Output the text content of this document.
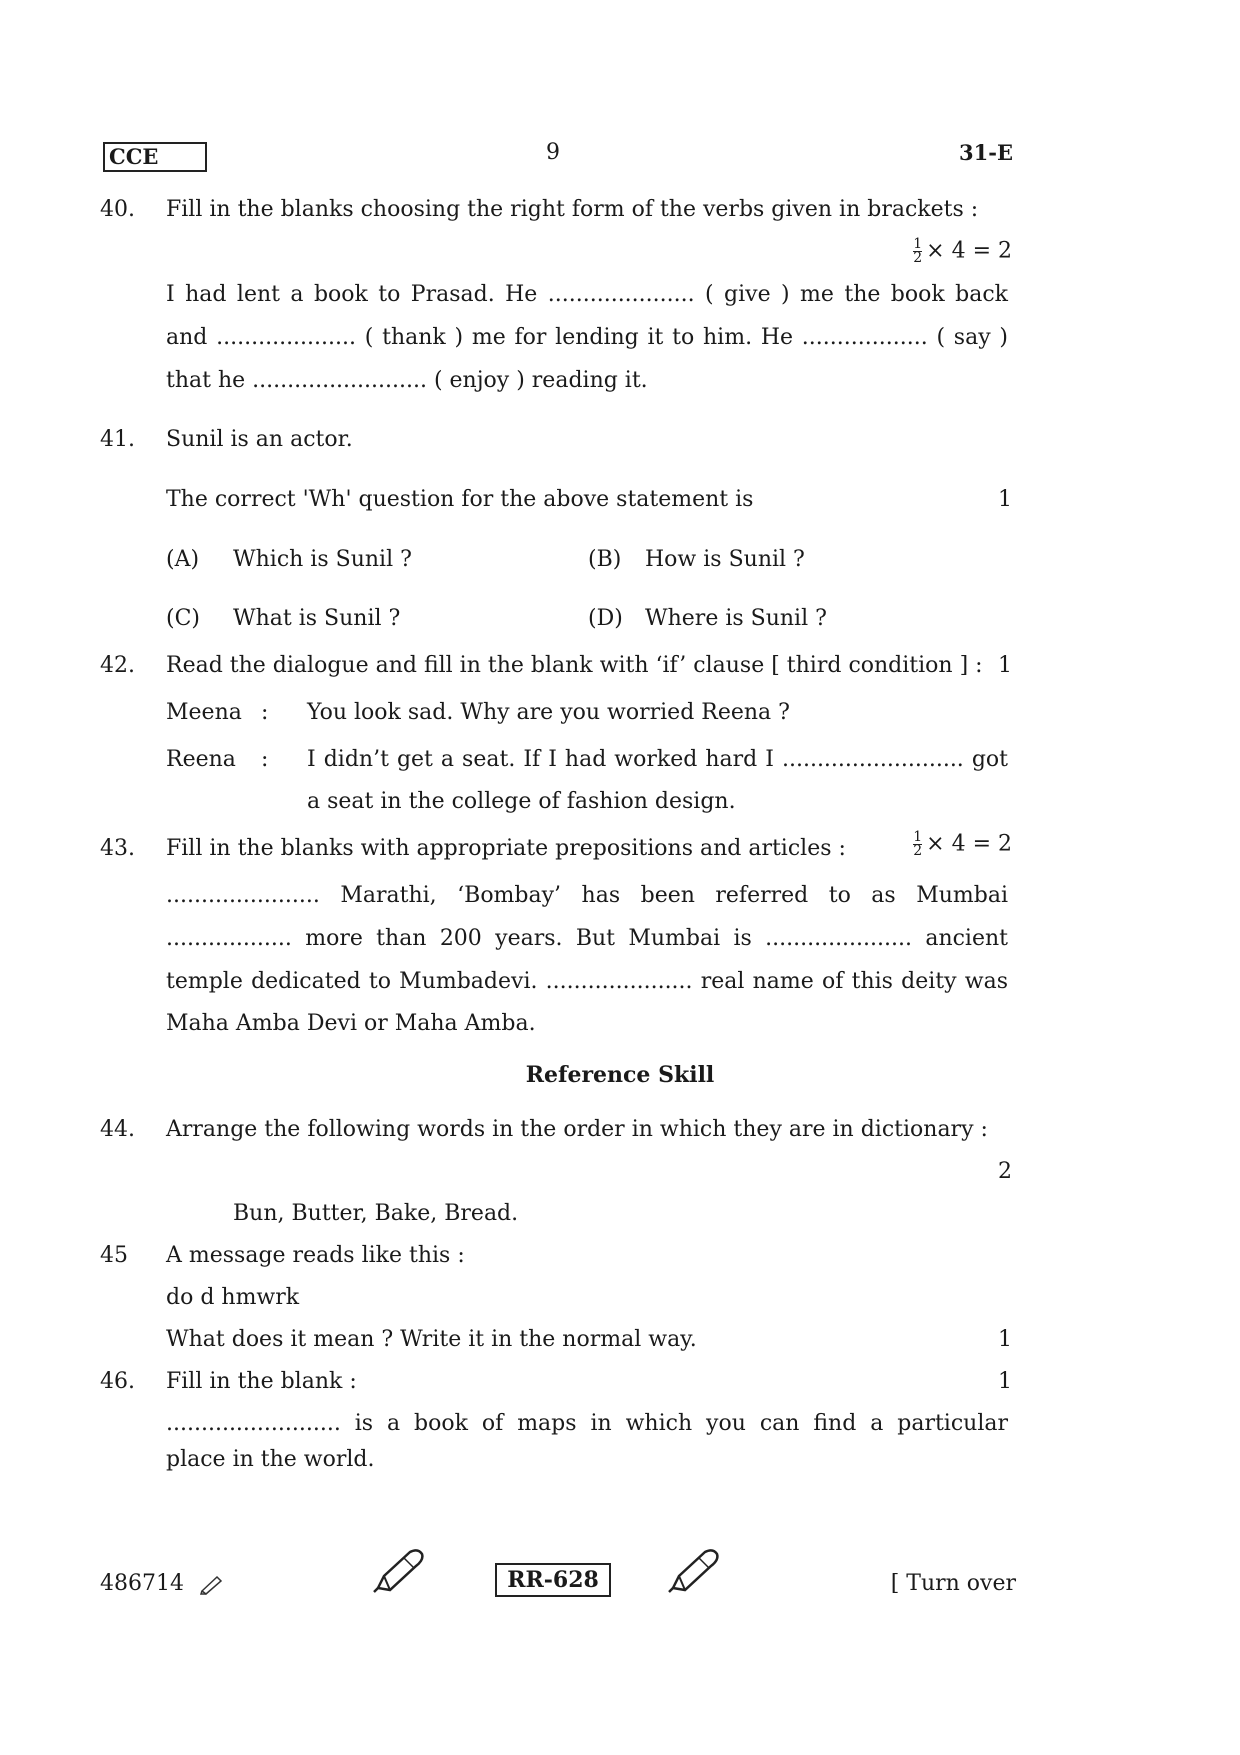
CCE	9	31-E
40. Fill in the blanks choosing the right form of the verbs given in brackets :
$\frac{1}{2} \times 4 = 2$
I had lent a book to Prasad. He ..................... ( give ) me the book back
and .................... ( thank ) me for lending it to him. He .................. ( say )
that he ......................... ( enjoy ) reading it.
41. Sunil is an actor.
The correct 'Wh' question for the above statement is	1
(A) Which is Sunil ?	(B) How is Sunil ?
(C) What is Sunil ?	(D) Where is Sunil ?
42. Read the dialogue and fill in the blank with ‘if’ clause [ third condition ] : 1
Meena : You look sad. Why are you worried Reena ?
Reena : I didn’t get a seat. If I had worked hard I .......................... got
a seat in the college of fashion design.
43. Fill in the blanks with appropriate prepositions and articles :	$\frac{1}{2} \times 4 = 2$
...................... Marathi, ‘Bombay’ has been referred to as Mumbai
.................. more than 200 years. But Mumbai is ..................... ancient
temple dedicated to Mumbadevi. ..................... real name of this deity was
Maha Amba Devi or Maha Amba.
Reference Skill
44. Arrange the following words in the order in which they are in dictionary :
2
Bun, Butter, Bake, Bread.
45 A message reads like this :
do d hmwrk
What does it mean ? Write it in the normal way.	1
46. Fill in the blank :	1
......................... is a book of maps in which you can find a particular
place in the world.
486714	RR-628	[ Turn over
